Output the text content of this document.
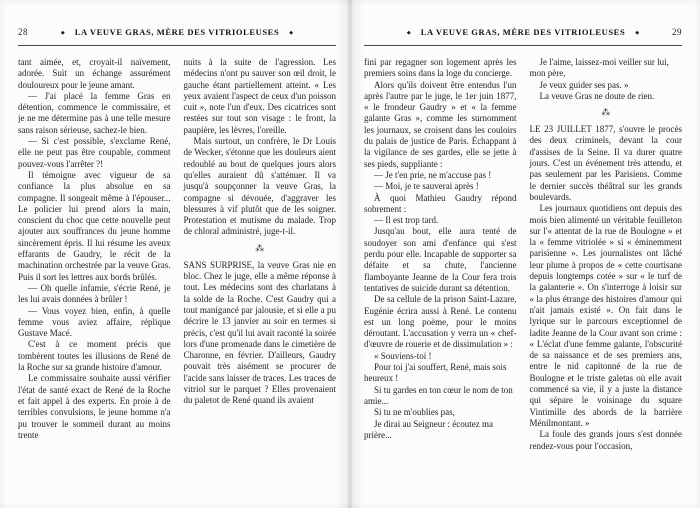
28	◆ LA VEUVE GRAS, MÈRE DES VITRIOLEUSES ◆

tant aimée, et, croyait-il naïvement, adorée. Suit un échange assurément douloureux pour le jeune amant.

— J'ai placé la femme Gras en détention, commence le commissaire, et je ne me détermine pas à une telle mesure sans raison sérieuse, sachez-le bien.

— Si c'est possible, s'exclame René, elle ne peut pas être coupable, comment pouvez-vous l'arrêter ?!

Il témoigne avec vigueur de sa confiance la plus absolue en sa compagne. Il songeait même à l'épouser... Le policier lui prend alors la main, conscient du choc que cette nouvelle peut ajouter aux souffrances du jeune homme sincèrement épris. Il lui résume les aveux effarants de Gaudry, le récit de la machination orchestrée par la veuve Gras. Puis il sort les lettres aux bords brûlés.

— Oh quelle infamie, s'écrie René, je les lui avais données à brûler !

— Vous voyez bien, enfin, à quelle femme vous aviez affaire, réplique Gustave Macé.

C'est à ce moment précis que tombèrent toutes les illusions de René de la Roche sur sa grande histoire d'amour.

Le commissaire souhaite aussi vérifier l'état de santé exact de René de la Roche et fait appel à des experts. En proie à de terribles convulsions, le jeune homme n'a pu trouver le sommeil durant au moins trente

nuits à la suite de l'agression. Les médecins n'ont pu sauver son œil droit, le gauche étant partiellement atteint. « Les yeux avaient l'aspect de ceux d'un poisson cuit », note l'un d'eux. Des cicatrices sont restées sur tout son visage : le front, la paupière, les lèvres, l'oreille.

Mais surtout, un confrère, le Dr Louis de Wecker, s'étonne que les douleurs aient redoublé au bout de quelques jours alors qu'elles auraient dû s'atténuer. Il va jusqu'à soupçonner la veuve Gras, la compagne si dévouée, d'aggraver les blessures à vif plutôt que de les soigner. Protestation et mutisme du malade. Trop de chloral administré, juge-t-il.

⁂

SANS SURPRISE, la veuve Gras nie en bloc. Chez le juge, elle a même réponse à tout. Les médecins sont des charlatans à la solde de la Roche. C'est Gaudry qui a tout manigancé par jalousie, et si elle a pu décrire le 13 janvier au soir en termes si précis, c'est qu'il lui avait raconté la soirée lors d'une promenade dans le cimetière de Charonne, en février. D'ailleurs, Gaudry pouvait très aisément se procurer de l'acide sans laisser de traces. Les traces de vitriol sur le parquet ? Elles provenaient du paletot de René quand ils avaient

◆ LA VEUVE GRAS, MÈRE DES VITRIOLEUSES ◆	29

fini par regagner son logement après les premiers soins dans la loge du concierge.

Alors qu'ils doivent être entendus l'un après l'autre par le juge, le 1er juin 1877, « le frondeur Gaudry » et « la femme galante Gras », comme les surnomment les journaux, se croisent dans les couloirs du palais de justice de Paris. Échappant à la vigilance de ses gardes, elle se jette à ses pieds, suppliante :

— Je t'en prie, ne m'accuse pas !

— Moi, je te sauverai après !

À quoi Mathieu Gaudry répond sobrement :

— Il est trop tard.

Jusqu'au bout, elle aura tenté de soudoyer son ami d'enfance qui s'est perdu pour elle. Incapable de supporter sa défaite et sa chute, l'ancienne flamboyante Jeanne de la Cour fera trois tentatives de suicide durant sa détention.

De sa cellule de la prison Saint-Lazare, Eugénie écrira aussi à René. Le contenu est un long poème, pour le moins déroutant. L'accusation y verra un « chef-d'œuvre de rouerie et de dissimulation » :

« Souviens-toi !

Pour toi j'ai souffert, René, mais sois heureux !

Si tu gardes en ton cœur le nom de ton amie...

Si tu ne m'oublies pas,

Je dirai au Seigneur : écoutez ma prière...

Je l'aime, laissez-moi veiller sur lui, mon père,

Je veux guider ses pas. »

La veuve Gras ne doute de rien.

⁂

LE 23 JUILLET 1877, s'ouvre le procès des deux criminels, devant la cour d'assises de la Seine. Il va durer quatre jours. C'est un événement très attendu, et pas seulement par les Parisiens. Comme le dernier succès théâtral sur les grands boulevards.

Les journaux quotidiens ont depuis des mois bien alimenté un véritable feuilleton sur l'« attentat de la rue de Boulogne » et la « femme vitriolée » si « éminemment parisienne ». Les journalistes ont lâché leur plume à propos de « cette courtisane depuis longtemps cotée » sur « le turf de la galanterie ». On s'interroge à loisir sur « la plus étrange des histoires d'amour qui n'ait jamais existé ». On fait dans le lyrique sur le parcours exceptionnel de ladite Jeanne de la Cour avant son crime : « L'éclat d'une femme galante, l'obscurité de sa naissance et de ses premiers ans, entre le nid capitonné de la rue de Boulogne et le triste galetas où elle avait commencé sa vie, il y a juste la distance qui sépare le voisinage du square Vintimille des abords de la barrière Ménilmontant. »

La foule des grands jours s'est donnée rendez-vous pour l'occasion,
